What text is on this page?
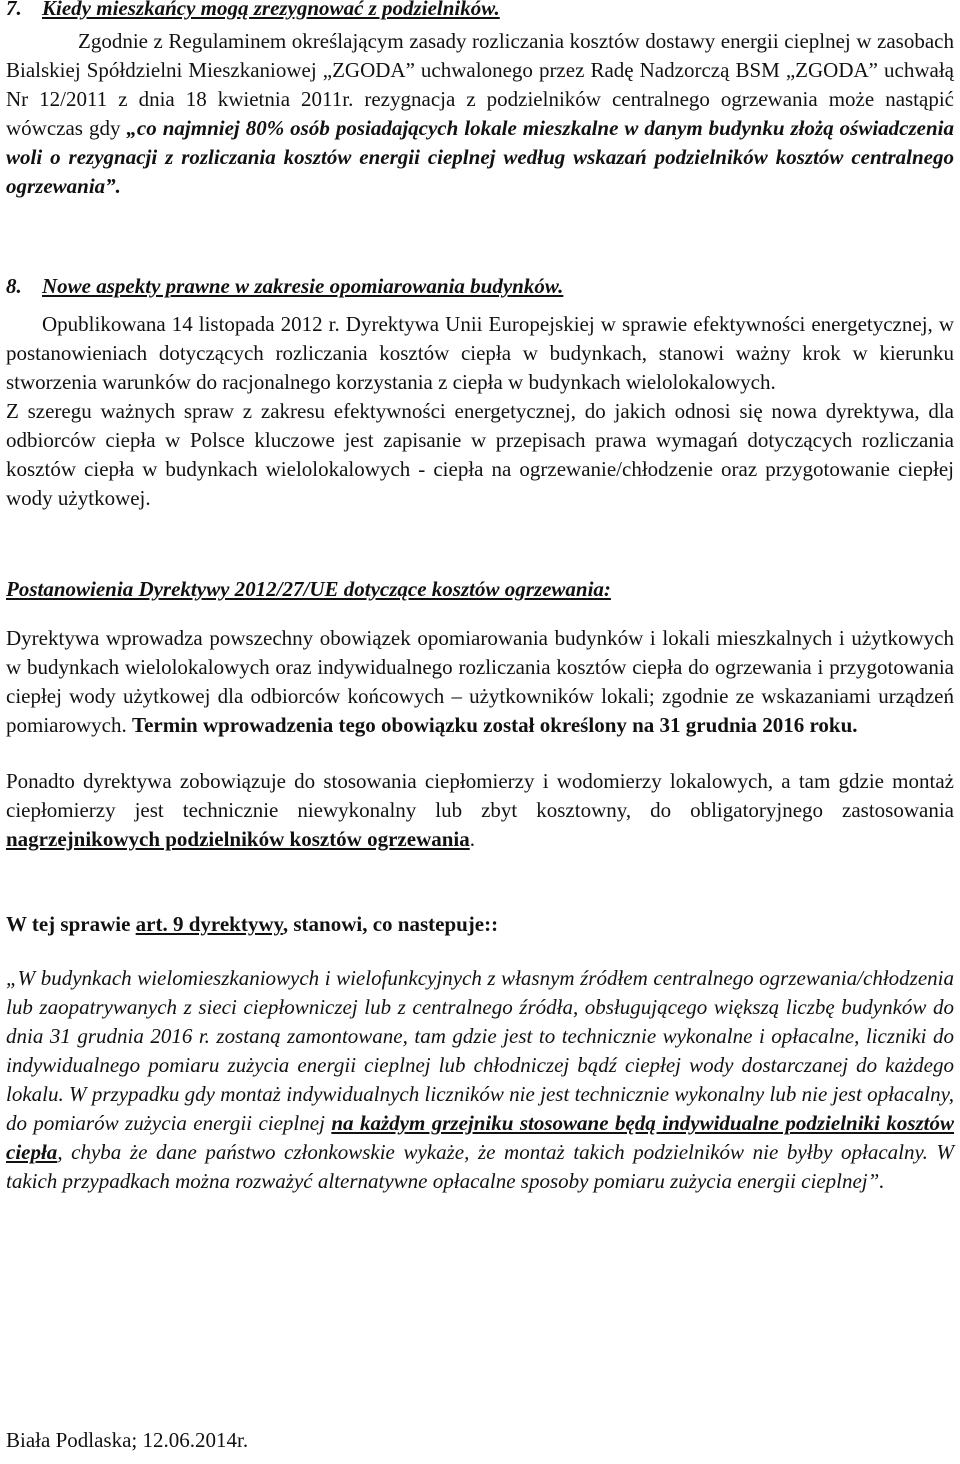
7. Kiedy mieszkańcy mogą zrezygnować z podzielników.

Zgodnie z Regulaminem określającym zasady rozliczania kosztów dostawy energii cieplnej w zasobach Bialskiej Spółdzielni Mieszkaniowej „ZGODA” uchwalonego przez Radę Nadzorczą BSM „ZGODA” uchwałą Nr 12/2011 z dnia 18 kwietnia 2011r. rezygnacja z podzielników centralnego ogrzewania może nastąpić wówczas gdy „co najmniej 80% osób posiadających lokale mieszkalne w danym budynku złożą oświadczenia woli o rezygnacji z rozliczania kosztów energii cieplnej według wskazań podzielników kosztów centralnego ogrzewania”.

8. Nowe aspekty prawne w zakresie opomiarowania budynków.

Opublikowana 14 listopada 2012 r. Dyrektywa Unii Europejskiej w sprawie efektywności energetycznej, w postanowieniach dotyczących rozliczania kosztów ciepła w budynkach, stanowi ważny krok w kierunku stworzenia warunków do racjonalnego korzystania z ciepła w budynkach wielolokalowych.

Z szeregu ważnych spraw z zakresu efektywności energetycznej, do jakich odnosi się nowa dyrektywa, dla odbiorców ciepła w Polsce kluczowe jest zapisanie w przepisach prawa wymagań dotyczących rozliczania kosztów ciepła w budynkach wielolokalowych - ciepła na ogrzewanie/chłodzenie oraz przygotowanie ciepłej wody użytkowej.

Postanowienia Dyrektywy 2012/27/UE dotyczące kosztów ogrzewania:

Dyrektywa wprowadza powszechny obowiązek opomiarowania budynków i lokali mieszkalnych i użytkowych w budynkach wielolokalowych oraz indywidualnego rozliczania kosztów ciepła do ogrzewania i przygotowania ciepłej wody użytkowej dla odbiorców końcowych – użytkowników lokali; zgodnie ze wskazaniami urządzeń pomiarowych. Termin wprowadzenia tego obowiązku został określony na 31 grudnia 2016 roku.

Ponadto dyrektywa zobowiązuje do stosowania ciepłomierzy i wodomierzy lokalowych, a tam gdzie montaż ciepłomierzy jest technicznie niewykonalny lub zbyt kosztowny, do obligatoryjnego zastosowania nagrzejnikowych podzielników kosztów ogrzewania.

W tej sprawie art. 9 dyrektywy, stanowi, co nastepuje::

„W budynkach wielomieszkaniowych i wielofunkcyjnych z własnym źródłem centralnego ogrzewania/chłodzenia lub zaopatrywanych z sieci ciepłowniczej lub z centralnego źródła, obsługującego większą liczbę budynków do dnia 31 grudnia 2016 r. zostaną zamontowane, tam gdzie jest to technicznie wykonalne i opłacalne, liczniki do indywidualnego pomiaru zużycia energii cieplnej lub chłodniczej bądź ciepłej wody dostarczanej do każdego lokalu. W przypadku gdy montaż indywidualnych liczników nie jest technicznie wykonalny lub nie jest opłacalny, do pomiarów zużycia energii cieplnej na każdym grzejniku stosowane będą indywidualne podzielniki kosztów ciepła, chyba że dane państwo członkowskie wykaże, że montaż takich podzielników nie byłby opłacalny. W takich przypadkach można rozważyć alternatywne opłacalne sposoby pomiaru zużycia energii cieplnej”.

Biała Podlaska; 12.06.2014r.
